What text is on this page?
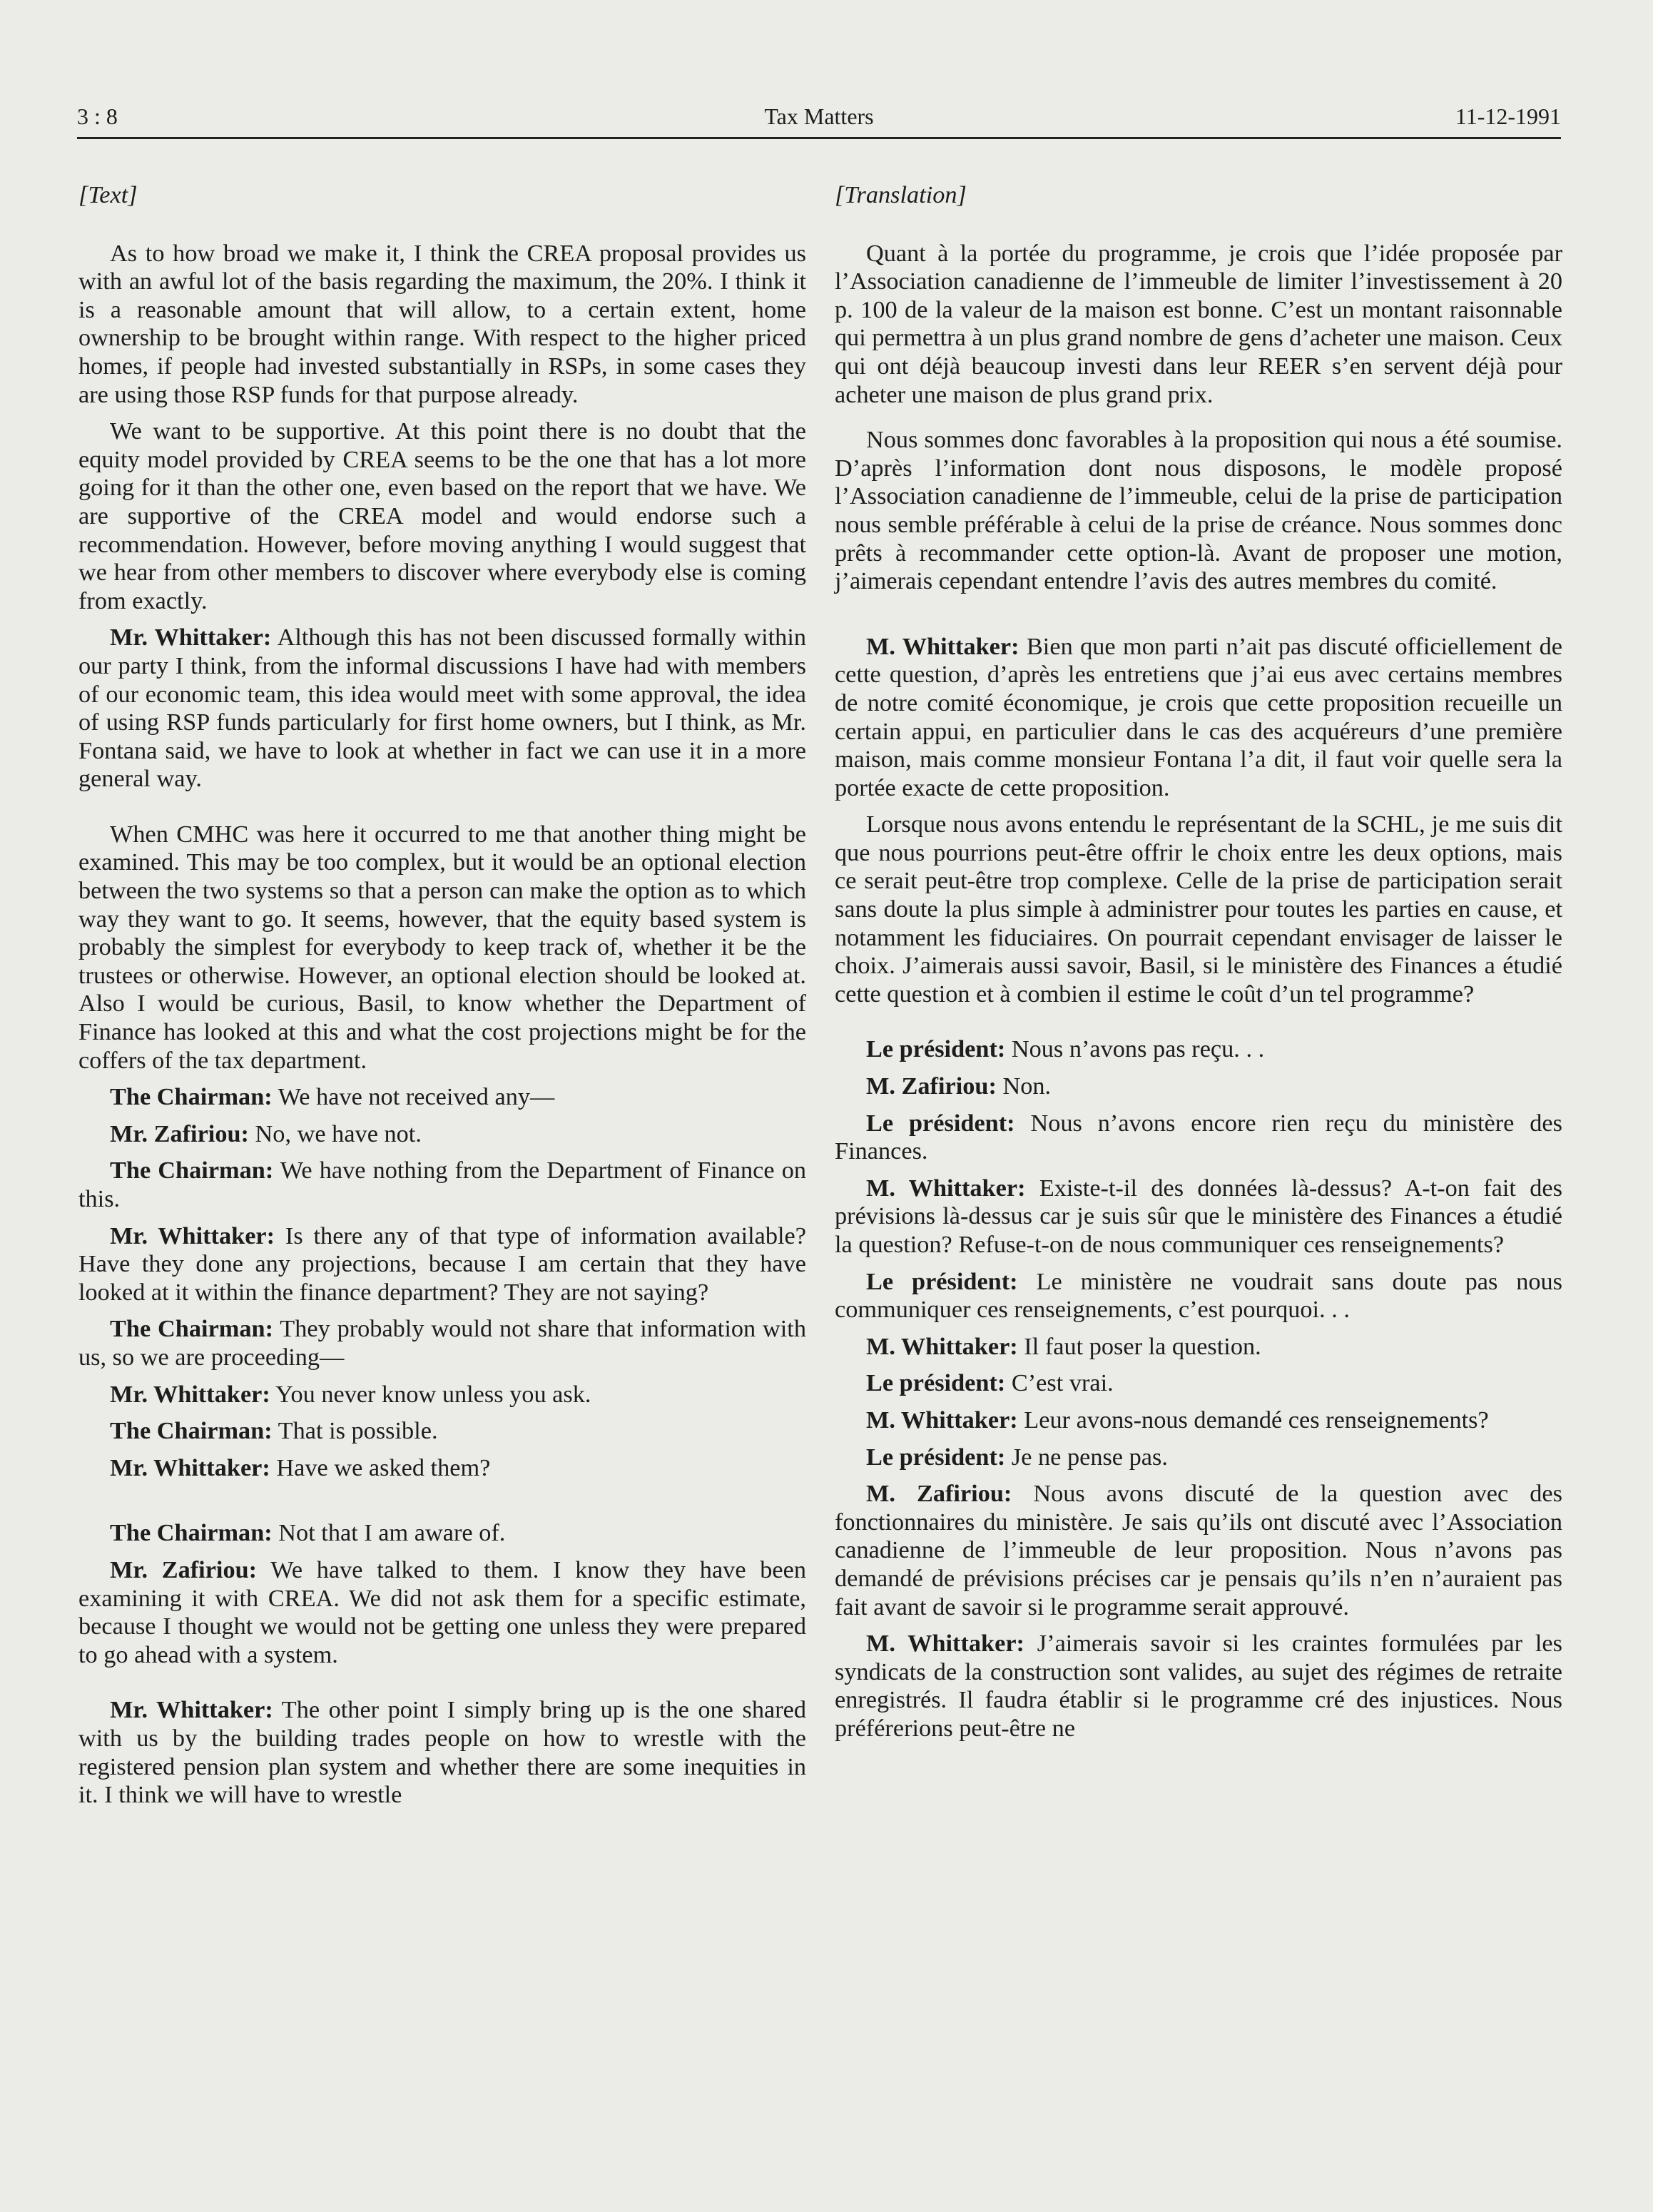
3 : 8	Tax Matters	11-12-1991

[Text]

As to how broad we make it, I think the CREA proposal provides us with an awful lot of the basis regarding the maximum, the 20%. I think it is a reasonable amount that will allow, to a certain extent, home ownership to be brought within range. With respect to the higher priced homes, if people had invested substantially in RSPs, in some cases they are using those RSP funds for that purpose already.

We want to be supportive. At this point there is no doubt that the equity model provided by CREA seems to be the one that has a lot more going for it than the other one, even based on the report that we have. We are supportive of the CREA model and would endorse such a recommendation. However, before moving anything I would suggest that we hear from other members to discover where everybody else is coming from exactly.

Mr. Whittaker: Although this has not been discussed formally within our party I think, from the informal discussions I have had with members of our economic team, this idea would meet with some approval, the idea of using RSP funds particularly for first home owners, but I think, as Mr. Fontana said, we have to look at whether in fact we can use it in a more general way.

When CMHC was here it occurred to me that another thing might be examined. This may be too complex, but it would be an optional election between the two systems so that a person can make the option as to which way they want to go. It seems, however, that the equity based system is probably the simplest for everybody to keep track of, whether it be the trustees or otherwise. However, an optional election should be looked at. Also I would be curious, Basil, to know whether the Department of Finance has looked at this and what the cost projections might be for the coffers of the tax department.

The Chairman: We have not received any—

Mr. Zafiriou: No, we have not.

The Chairman: We have nothing from the Department of Finance on this.

Mr. Whittaker: Is there any of that type of information available? Have they done any projections, because I am certain that they have looked at it within the finance department? They are not saying?

The Chairman: They probably would not share that information with us, so we are proceeding—

Mr. Whittaker: You never know unless you ask.

The Chairman: That is possible.

Mr. Whittaker: Have we asked them?

The Chairman: Not that I am aware of.

Mr. Zafiriou: We have talked to them. I know they have been examining it with CREA. We did not ask them for a specific estimate, because I thought we would not be getting one unless they were prepared to go ahead with a system.

Mr. Whittaker: The other point I simply bring up is the one shared with us by the building trades people on how to wrestle with the registered pension plan system and whether there are some inequities in it. I think we will have to wrestle

[Translation]

Quant à la portée du programme, je crois que l’idée proposée par l’Association canadienne de l’immeuble de limiter l’investissement à 20 p. 100 de la valeur de la maison est bonne. C’est un montant raisonnable qui permettra à un plus grand nombre de gens d’acheter une maison. Ceux qui ont déjà beaucoup investi dans leur REER s’en servent déjà pour acheter une maison de plus grand prix.

Nous sommes donc favorables à la proposition qui nous a été soumise. D’après l’information dont nous disposons, le modèle proposé l’Association canadienne de l’immeuble, celui de la prise de participation nous semble préférable à celui de la prise de créance. Nous sommes donc prêts à recommander cette option-là. Avant de proposer une motion, j’aimerais cependant entendre l’avis des autres membres du comité.

M. Whittaker: Bien que mon parti n’ait pas discuté officiellement de cette question, d’après les entretiens que j’ai eus avec certains membres de notre comité économique, je crois que cette proposition recueille un certain appui, en particulier dans le cas des acquéreurs d’une première maison, mais comme monsieur Fontana l’a dit, il faut voir quelle sera la portée exacte de cette proposition.

Lorsque nous avons entendu le représentant de la SCHL, je me suis dit que nous pourrions peut-être offrir le choix entre les deux options, mais ce serait peut-être trop complexe. Celle de la prise de participation serait sans doute la plus simple à administrer pour toutes les parties en cause, et notamment les fiduciaires. On pourrait cependant envisager de laisser le choix. J’aimerais aussi savoir, Basil, si le ministère des Finances a étudié cette question et à combien il estime le coût d’un tel programme?

Le président: Nous n’avons pas reçu. . .

M. Zafiriou: Non.

Le président: Nous n’avons encore rien reçu du ministère des Finances.

M. Whittaker: Existe-t-il des données là-dessus? A-t-on fait des prévisions là-dessus car je suis sûr que le ministère des Finances a étudié la question? Refuse-t-on de nous communiquer ces renseignements?

Le président: Le ministère ne voudrait sans doute pas nous communiquer ces renseignements, c’est pourquoi. . .

M. Whittaker: Il faut poser la question.

Le président: C’est vrai.

M. Whittaker: Leur avons-nous demandé ces renseignements?

Le président: Je ne pense pas.

M. Zafiriou: Nous avons discuté de la question avec des fonctionnaires du ministère. Je sais qu’ils ont discuté avec l’Association canadienne de l’immeuble de leur proposition. Nous n’avons pas demandé de prévisions précises car je pensais qu’ils n’en n’auraient pas fait avant de savoir si le programme serait approuvé.

M. Whittaker: J’aimerais savoir si les craintes formulées par les syndicats de la construction sont valides, au sujet des régimes de retraite enregistrés. Il faudra établir si le programme cré des injustices. Nous préférerions peut-être ne
